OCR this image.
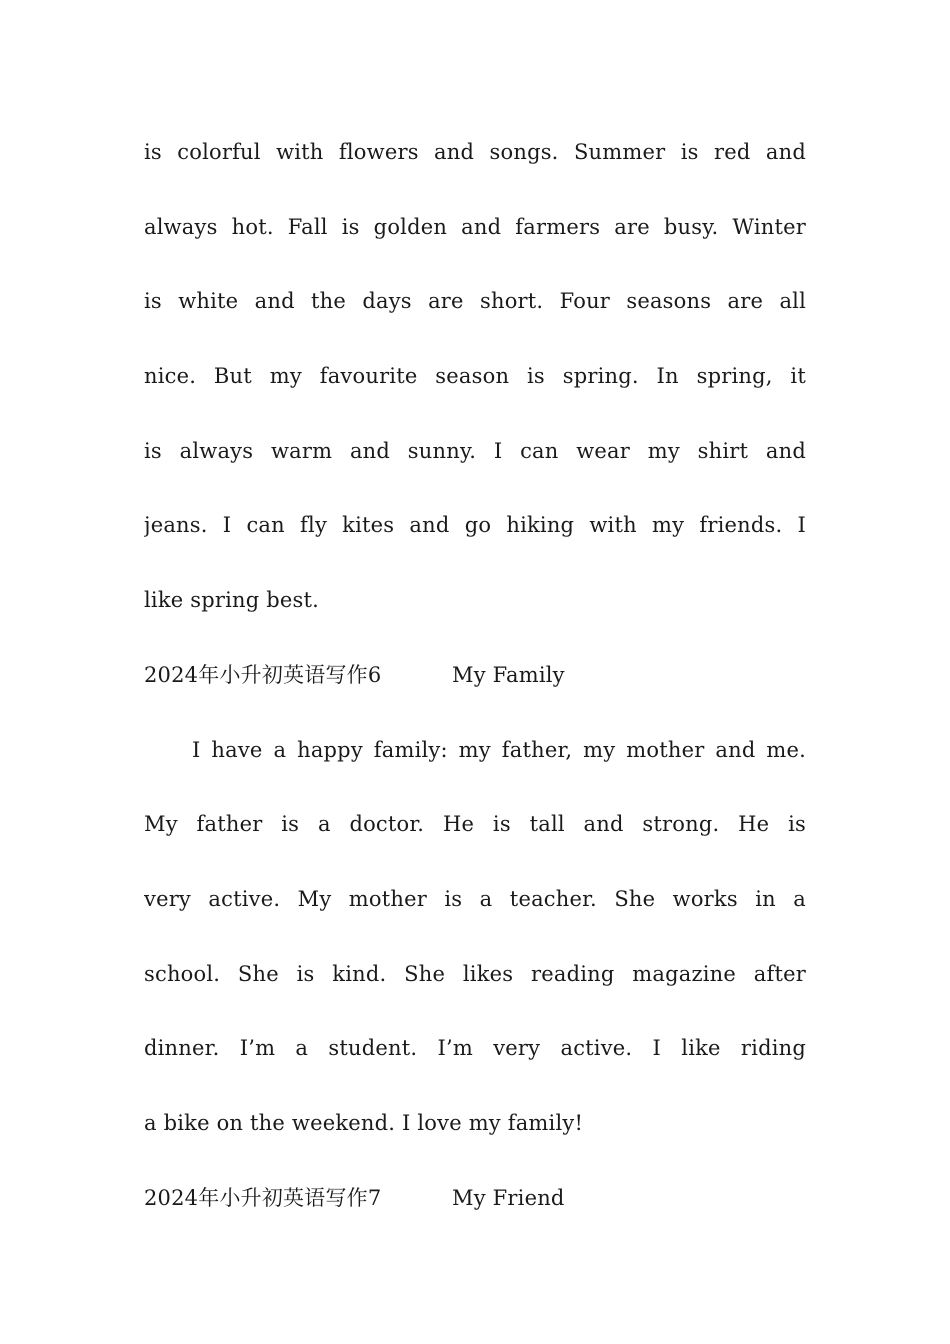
is colorful with flowers and songs. Summer is red and
always hot. Fall is golden and farmers are busy. Winter
is white and the days are short. Four seasons are all
nice. But my favourite season is spring. In spring, it
is always warm and sunny. I can wear my shirt and
jeans. I can fly kites and go hiking with my friends. I
like spring best.
2024年小升初英语写作6	My Family
I have a happy family: my father, my mother and me.
My father is a doctor. He is tall and strong. He is
very active. My mother is a teacher. She works in a
school. She is kind. She likes reading magazine after
dinner. I’m a student. I’m very active. I like riding
a bike on the weekend. I love my family!
2024年小升初英语写作7	My Friend
